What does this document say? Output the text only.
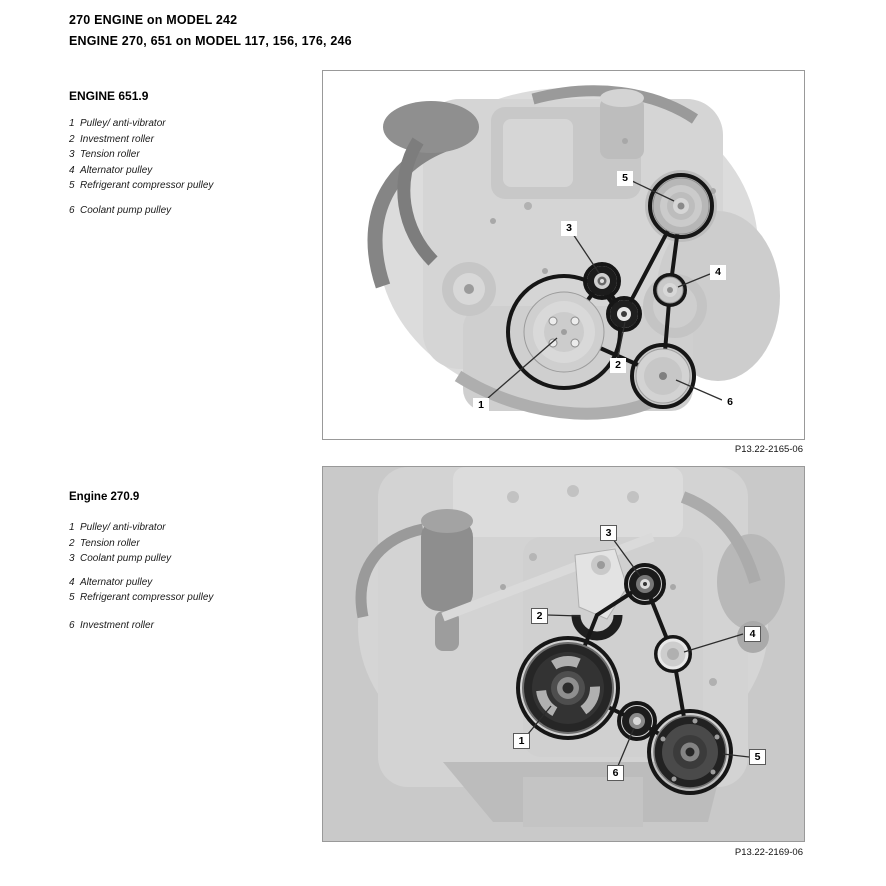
270 ENGINE on MODEL 242
ENGINE 270, 651 on MODEL 117, 156, 176, 246
ENGINE 651.9
1 Pulley/ anti-vibrator
2 Investment roller
3 Tension roller
4 Alternator pulley
5 Refrigerant compressor pulley
6 Coolant pump pulley
1
2
3
4
5
6
P13.22-2165-06
Engine 270.9
1 Pulley/ anti-vibrator
2 Tension roller
3 Coolant pump pulley
4 Alternator pulley
5 Refrigerant compressor pulley
6 Investment roller
1
2
3
4
5
6
P13.22-2169-06
